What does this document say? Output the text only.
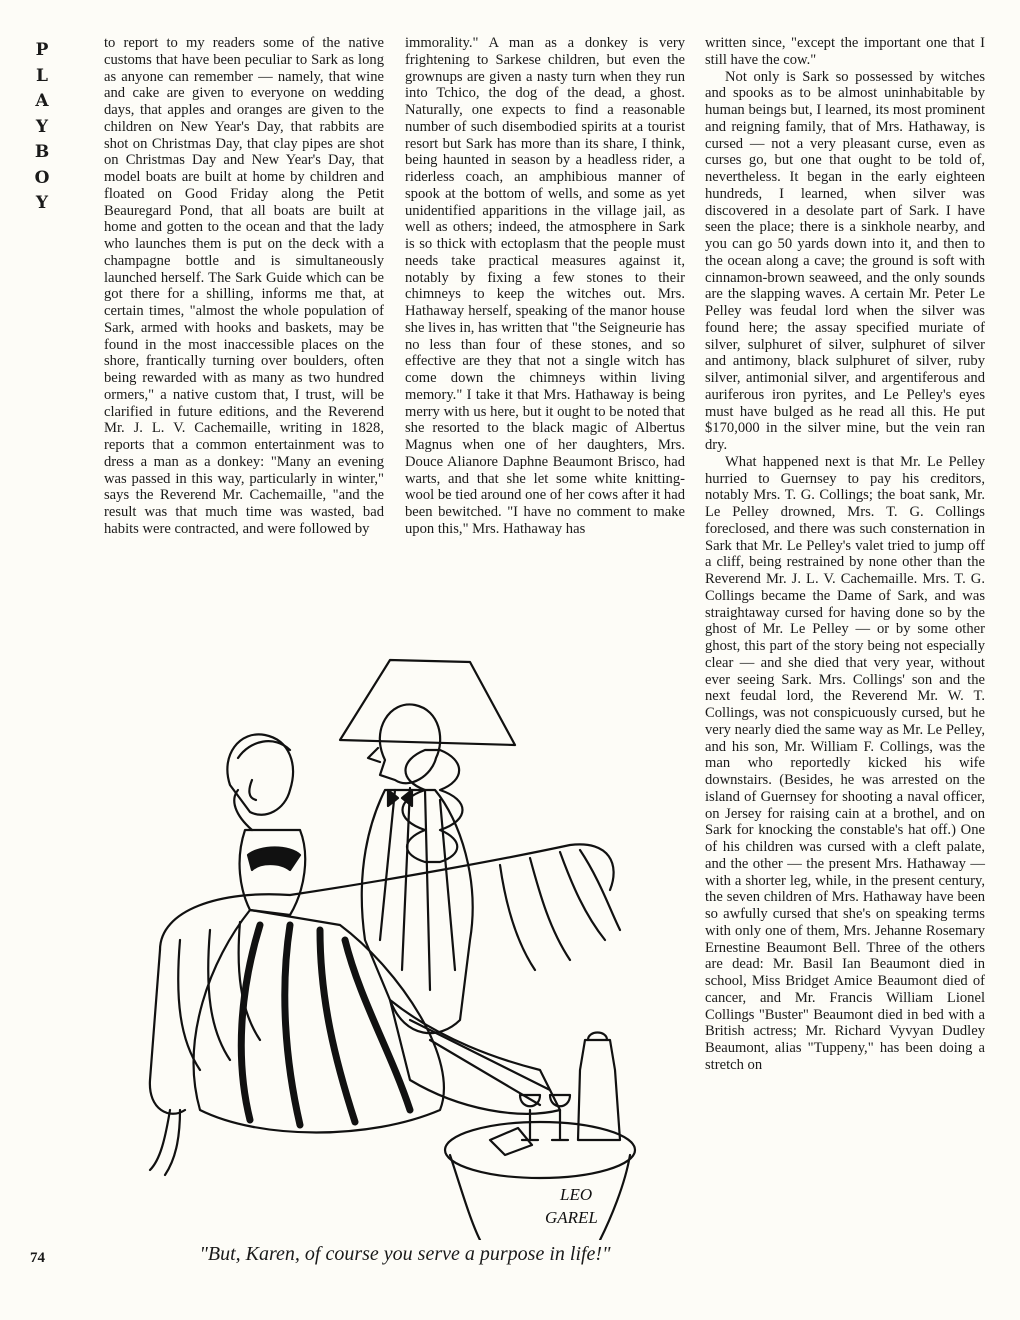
P
L
A
Y
B
O
Y

to report to my readers some of the native customs that have been peculiar to Sark as long as anyone can remember — namely, that wine and cake are given to everyone on wedding days, that apples and oranges are given to the children on New Year's Day, that rabbits are shot on Christmas Day, that clay pipes are shot on Christmas Day and New Year's Day, that model boats are built at home by children and floated on Good Friday along the Petit Beauregard Pond, that all boats are built at home and gotten to the ocean and that the lady who launches them is put on the deck with a champagne bottle and is simultaneously launched herself. The Sark Guide which can be got there for a shilling, informs me that, at certain times, "almost the whole population of Sark, armed with hooks and baskets, may be found in the most inaccessible places on the shore, frantically turning over boulders, often being rewarded with as many as two hundred ormers," a native custom that, I trust, will be clarified in future editions, and the Reverend Mr. J. L. V. Cachemaille, writing in 1828, reports that a common entertainment was to dress a man as a donkey: "Many an evening was passed in this way, particularly in winter," says the Reverend Mr. Cachemaille, "and the result was that much time was wasted, bad habits were contracted, and were followed by

immorality." A man as a donkey is very frightening to Sarkese children, but even the grownups are given a nasty turn when they run into Tchico, the dog of the dead, a ghost. Naturally, one expects to find a reasonable number of such disembodied spirits at a tourist resort but Sark has more than its share, I think, being haunted in season by a headless rider, a riderless coach, an amphibious manner of spook at the bottom of wells, and some as yet unidentified apparitions in the village jail, as well as others; indeed, the atmosphere in Sark is so thick with ectoplasm that the people must needs take practical measures against it, notably by fixing a few stones to their chimneys to keep the witches out. Mrs. Hathaway herself, speaking of the manor house she lives in, has written that "the Seigneurie has no less than four of these stones, and so effective are they that not a single witch has come down the chimneys within living memory." I take it that Mrs. Hathaway is being merry with us here, but it ought to be noted that she resorted to the black magic of Albertus Magnus when one of her daughters, Mrs. Douce Alianore Daphne Beaumont Brisco, had warts, and that she let some white knitting-wool be tied around one of her cows after it had been bewitched. "I have no comment to make upon this," Mrs. Hathaway has

written since, "except the important one that I still have the cow."

Not only is Sark so possessed by witches and spooks as to be almost uninhabitable by human beings but, I learned, its most prominent and reigning family, that of Mrs. Hathaway, is cursed — not a very pleasant curse, even as curses go, but one that ought to be told of, nevertheless. It began in the early eighteen hundreds, I learned, when silver was discovered in a desolate part of Sark. I have seen the place; there is a sinkhole nearby, and you can go 50 yards down into it, and then to the ocean along a cave; the ground is soft with cinnamon-brown seaweed, and the only sounds are the slapping waves. A certain Mr. Peter Le Pelley was feudal lord when the silver was found here; the assay specified muriate of silver, sulphuret of silver, sulphuret of silver and antimony, black sulphuret of silver, ruby silver, antimonial silver, and argentiferous and auriferous iron pyrites, and Le Pelley's eyes must have bulged as he read all this. He put $170,000 in the silver mine, but the vein ran dry.

What happened next is that Mr. Le Pelley hurried to Guernsey to pay his creditors, notably Mrs. T. G. Collings; the boat sank, Mr. Le Pelley drowned, Mrs. T. G. Collings foreclosed, and there was such consternation in Sark that Mr. Le Pelley's valet tried to jump off a cliff, being restrained by none other than the Reverend Mr. J. L. V. Cachemaille. Mrs. T. G. Collings became the Dame of Sark, and was straightaway cursed for having done so by the ghost of Mr. Le Pelley — or by some other ghost, this part of the story being not especially clear — and she died that very year, without ever seeing Sark. Mrs. Collings' son and the next feudal lord, the Reverend Mr. W. T. Collings, was not conspicuously cursed, but he very nearly died the same way as Mr. Le Pelley, and his son, Mr. William F. Collings, was the man who reportedly kicked his wife downstairs. (Besides, he was arrested on the island of Guernsey for shooting a naval officer, on Jersey for raising cain at a brothel, and on Sark for knocking the constable's hat off.) One of his children was cursed with a cleft palate, and the other — the present Mrs. Hathaway — with a shorter leg, while, in the present century, the seven children of Mrs. Hathaway have been so awfully cursed that she's on speaking terms with only one of them, Mrs. Jehanne Rosemary Ernestine Beaumont Bell. Three of the others are dead: Mr. Basil Ian Beaumont died in school, Miss Bridget Amice Beaumont died of cancer, and Mr. Francis William Lionel Collings "Buster" Beaumont died in bed with a British actress; Mr. Richard Vyvyan Dudley Beaumont, alias "Tuppeny," has been doing a stretch on

LEO
GAREL
"But, Karen, of course you serve a purpose in life!"
74
